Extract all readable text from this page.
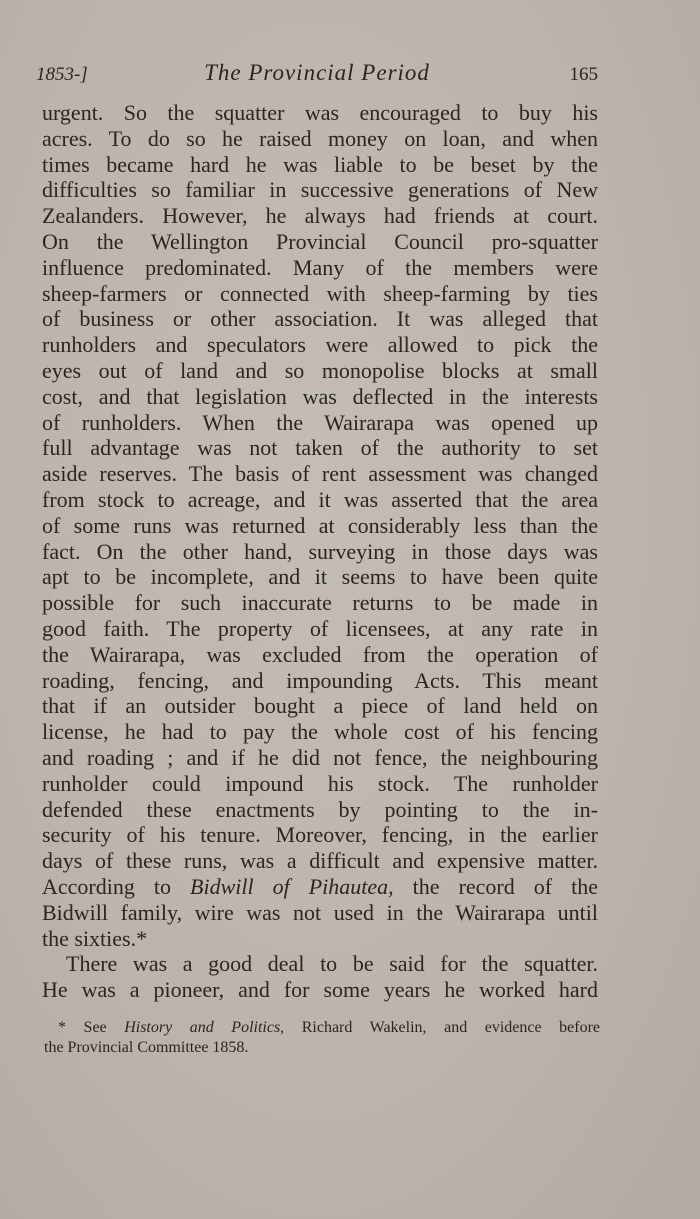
1853-]	The Provincial Period	165
urgent. So the squatter was encouraged to buy his
acres. To do so he raised money on loan, and when
times became hard he was liable to be beset by the
difficulties so familiar in successive generations of New
Zealanders. However, he always had friends at court.
On the Wellington Provincial Council pro-squatter
influence predominated. Many of the members were
sheep-farmers or connected with sheep-farming by ties
of business or other association. It was alleged that
runholders and speculators were allowed to pick the
eyes out of land and so monopolise blocks at small
cost, and that legislation was deflected in the interests
of runholders. When the Wairarapa was opened up
full advantage was not taken of the authority to set
aside reserves. The basis of rent assessment was changed
from stock to acreage, and it was asserted that the area
of some runs was returned at considerably less than the
fact. On the other hand, surveying in those days was
apt to be incomplete, and it seems to have been quite
possible for such inaccurate returns to be made in
good faith. The property of licensees, at any rate in
the Wairarapa, was excluded from the operation of
roading, fencing, and impounding Acts. This meant
that if an outsider bought a piece of land held on
license, he had to pay the whole cost of his fencing
and roading ; and if he did not fence, the neighbouring
runholder could impound his stock. The runholder
defended these enactments by pointing to the in-
security of his tenure. Moreover, fencing, in the earlier
days of these runs, was a difficult and expensive matter.
According to Bidwill of Pihautea, the record of the
Bidwill family, wire was not used in the Wairarapa until
the sixties.*
There was a good deal to be said for the squatter.
He was a pioneer, and for some years he worked hard
* See History and Politics, Richard Wakelin, and evidence before
the Provincial Committee 1858.
